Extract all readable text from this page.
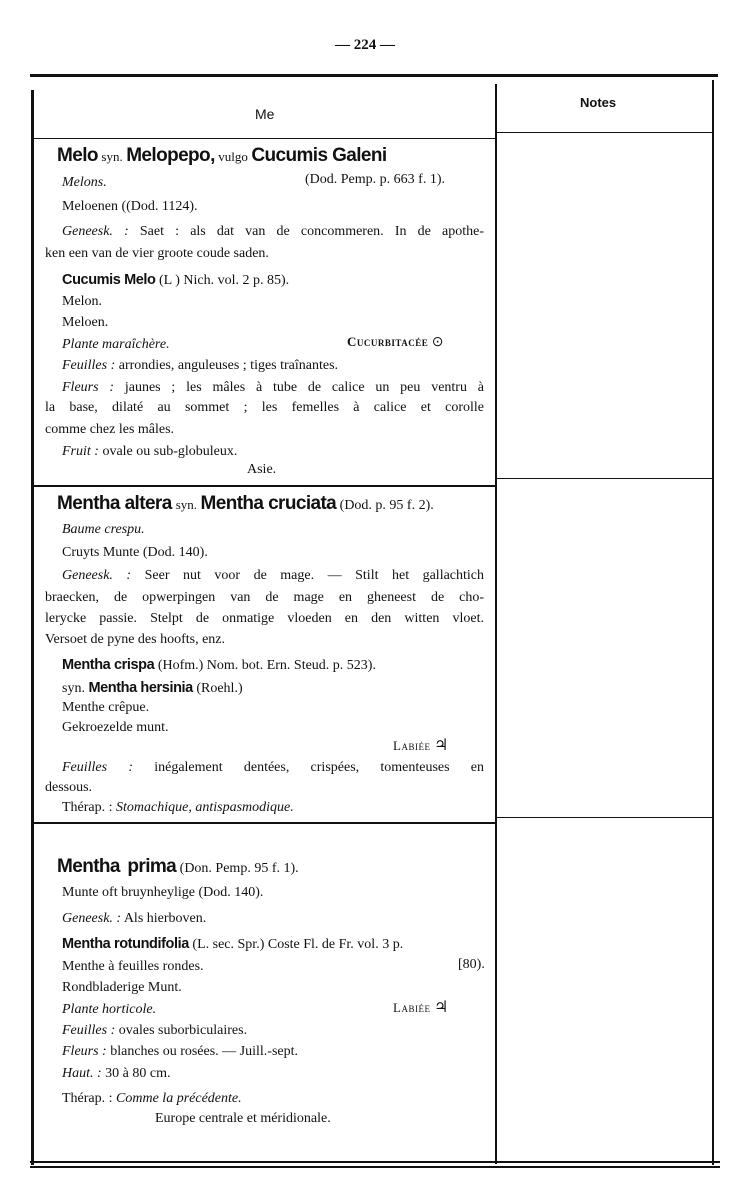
— 224 —
Me
Notes
Melo syn. Melopepo, vulgo Cucumis Galeni
Melons.	(Dod. Pemp. p. 663 f. 1).
Meloenen ((Dod. 1124).
Geneesk. : Saet : als dat van de concommeren. In de apothe-
ken een van de vier groote coude saden.
Cucumis Melo (L ) Nich. vol. 2 p. 85).
Melon.
Meloen.
Plante maraîchère.	Cucurbitacée ⊙
Feuilles : arrondies, anguleuses ; tiges traînantes.
Fleurs : jaunes ; les mâles à tube de calice un peu ventru à
la base, dilaté au sommet ; les femelles à calice et corolle
comme chez les mâles.
Fruit : ovale ou sub-globuleux.
Asie.
Mentha altera syn. Mentha cruciata (Dod. p. 95 f. 2).
Baume crespu.
Cruyts Munte (Dod. 140).
Geneesk. : Seer nut voor de mage. — Stilt het gallachtich
braecken, de opwerpingen van de mage en gheneest de cho-
lerycke passie. Stelpt de onmatige vloeden en den witten vloet.
Versoet de pyne des hoofts, enz.
Mentha crispa (Hofm.) Nom. bot. Ern. Steud. p. 523).
syn. Mentha hersinia (Roehl.)
Menthe crêpue.
Gekroezelde munt.
Labiée ♃
Feuilles : inégalement dentées, crispées, tomenteuses en
dessous.
Thérap. : Stomachique, antispasmodique.
Mentha prima (Don. Pemp. 95 f. 1).
Munte oft bruynheylige (Dod. 140).
Geneesk. : Als hierboven.
Mentha rotundifolia (L. sec. Spr.) Coste Fl. de Fr. vol. 3 p.
Menthe à feuilles rondes.	[80).
Rondbladerige Munt.
Plante horticole.	Labiée ♃
Feuilles : ovales suborbiculaires.
Fleurs : blanches ou rosées. — Juill.-sept.
Haut. : 30 à 80 cm.
Thérap. : Comme la précédente.
Europe centrale et méridionale.
